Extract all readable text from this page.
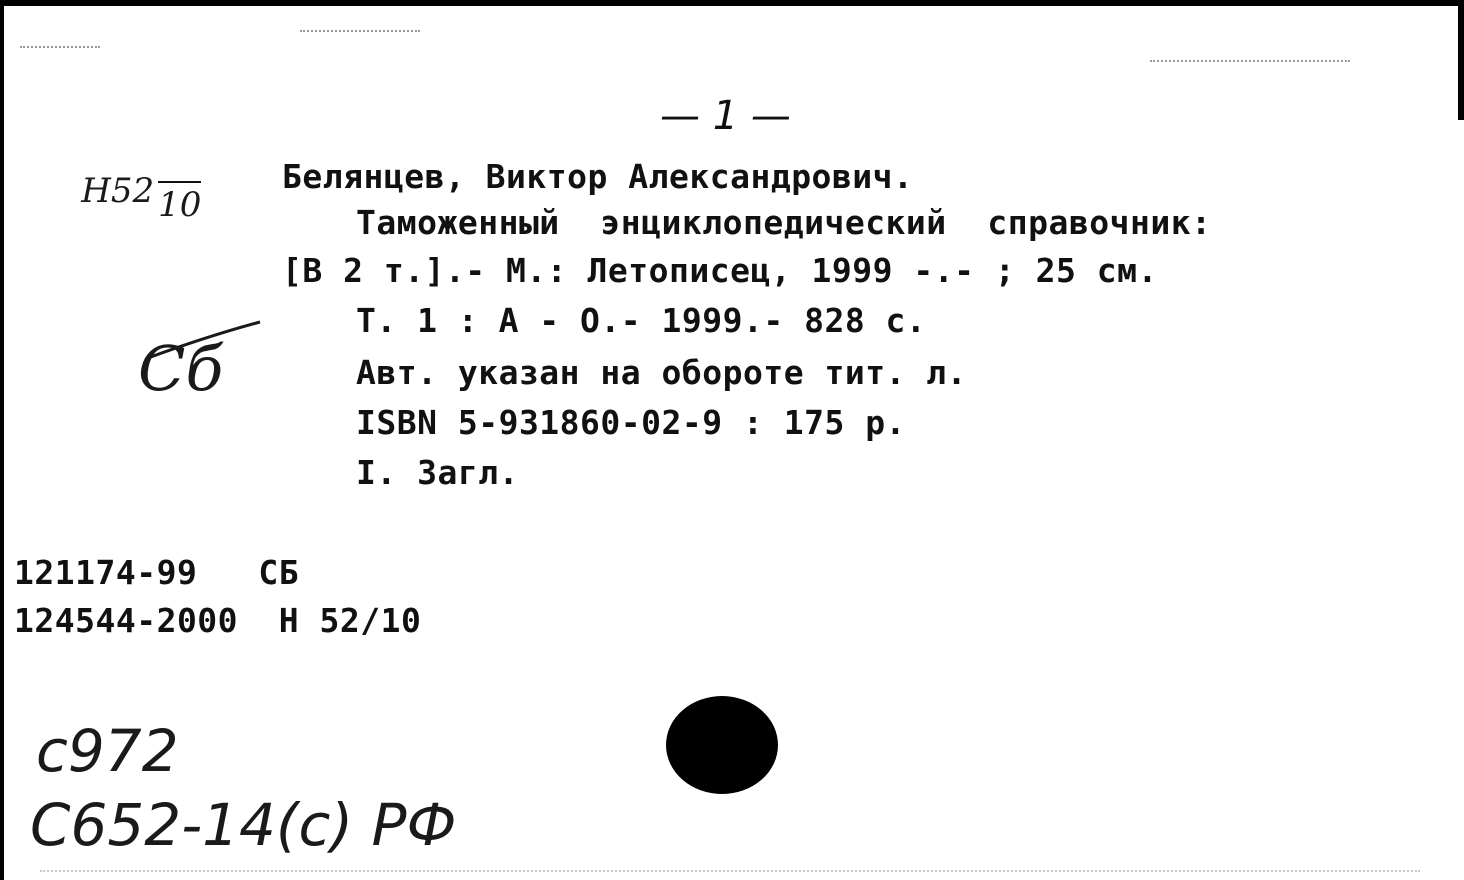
— 1 —

Н52 10

Сб
Белянцев, Виктор Александрович.
Таможенный  энциклопедический  справочник:
[В 2 т.].- М.: Летописец, 1999 -.- ; 25 см.
Т. 1 : А - О.- 1999.- 828 с.
Авт. указан на обороте тит. л.
ISBN 5-931860-02-9 : 175 р.
I. Загл.
121174-99   СБ
124544-2000  Н 52/10
с972
С652-14(с) РФ
